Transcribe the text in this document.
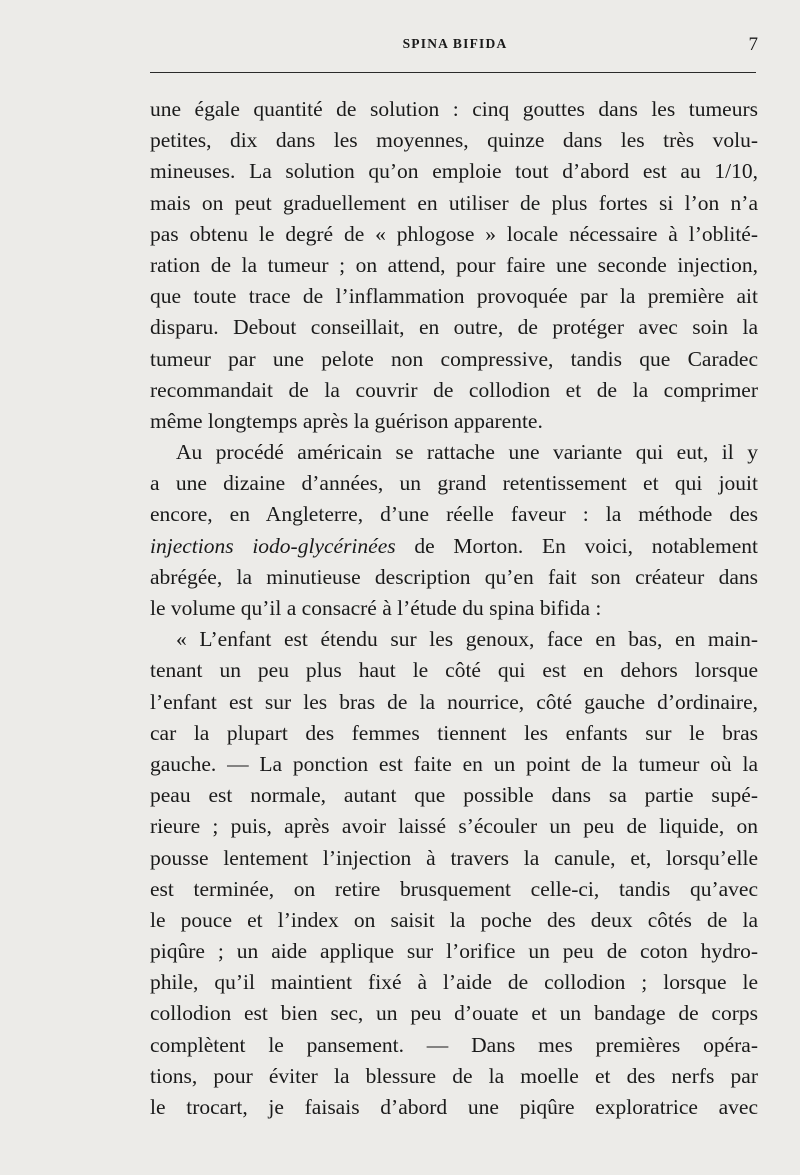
SPINA BIFIDA	7
une égale quantité de solution : cinq gouttes dans les tumeurs
petites, dix dans les moyennes, quinze dans les très volu-
mineuses. La solution qu’on emploie tout d’abord est au 1/10,
mais on peut graduellement en utiliser de plus fortes si l’on n’a
pas obtenu le degré de « phlogose » locale nécessaire à l’oblité-
ration de la tumeur ; on attend, pour faire une seconde injection,
que toute trace de l’inflammation provoquée par la première ait
disparu. Debout conseillait, en outre, de protéger avec soin la
tumeur par une pelote non compressive, tandis que Caradec
recommandait de la couvrir de collodion et de la comprimer
même longtemps après la guérison apparente.
Au procédé américain se rattache une variante qui eut, il y
a une dizaine d’années, un grand retentissement et qui jouit
encore, en Angleterre, d’une réelle faveur : la méthode des
injections iodo-glycérinées de Morton. En voici, notablement
abrégée, la minutieuse description qu’en fait son créateur dans
le volume qu’il a consacré à l’étude du spina bifida :
« L’enfant est étendu sur les genoux, face en bas, en main-
tenant un peu plus haut le côté qui est en dehors lorsque
l’enfant est sur les bras de la nourrice, côté gauche d’ordinaire,
car la plupart des femmes tiennent les enfants sur le bras
gauche. — La ponction est faite en un point de la tumeur où la
peau est normale, autant que possible dans sa partie supé-
rieure ; puis, après avoir laissé s’écouler un peu de liquide, on
pousse lentement l’injection à travers la canule, et, lorsqu’elle
est terminée, on retire brusquement celle-ci, tandis qu’avec
le pouce et l’index on saisit la poche des deux côtés de la
piqûre ; un aide applique sur l’orifice un peu de coton hydro-
phile, qu’il maintient fixé à l’aide de collodion ; lorsque le
collodion est bien sec, un peu d’ouate et un bandage de corps
complètent le pansement. — Dans mes premières opéra-
tions, pour éviter la blessure de la moelle et des nerfs par
le trocart, je faisais d’abord une piqûre exploratrice avec
